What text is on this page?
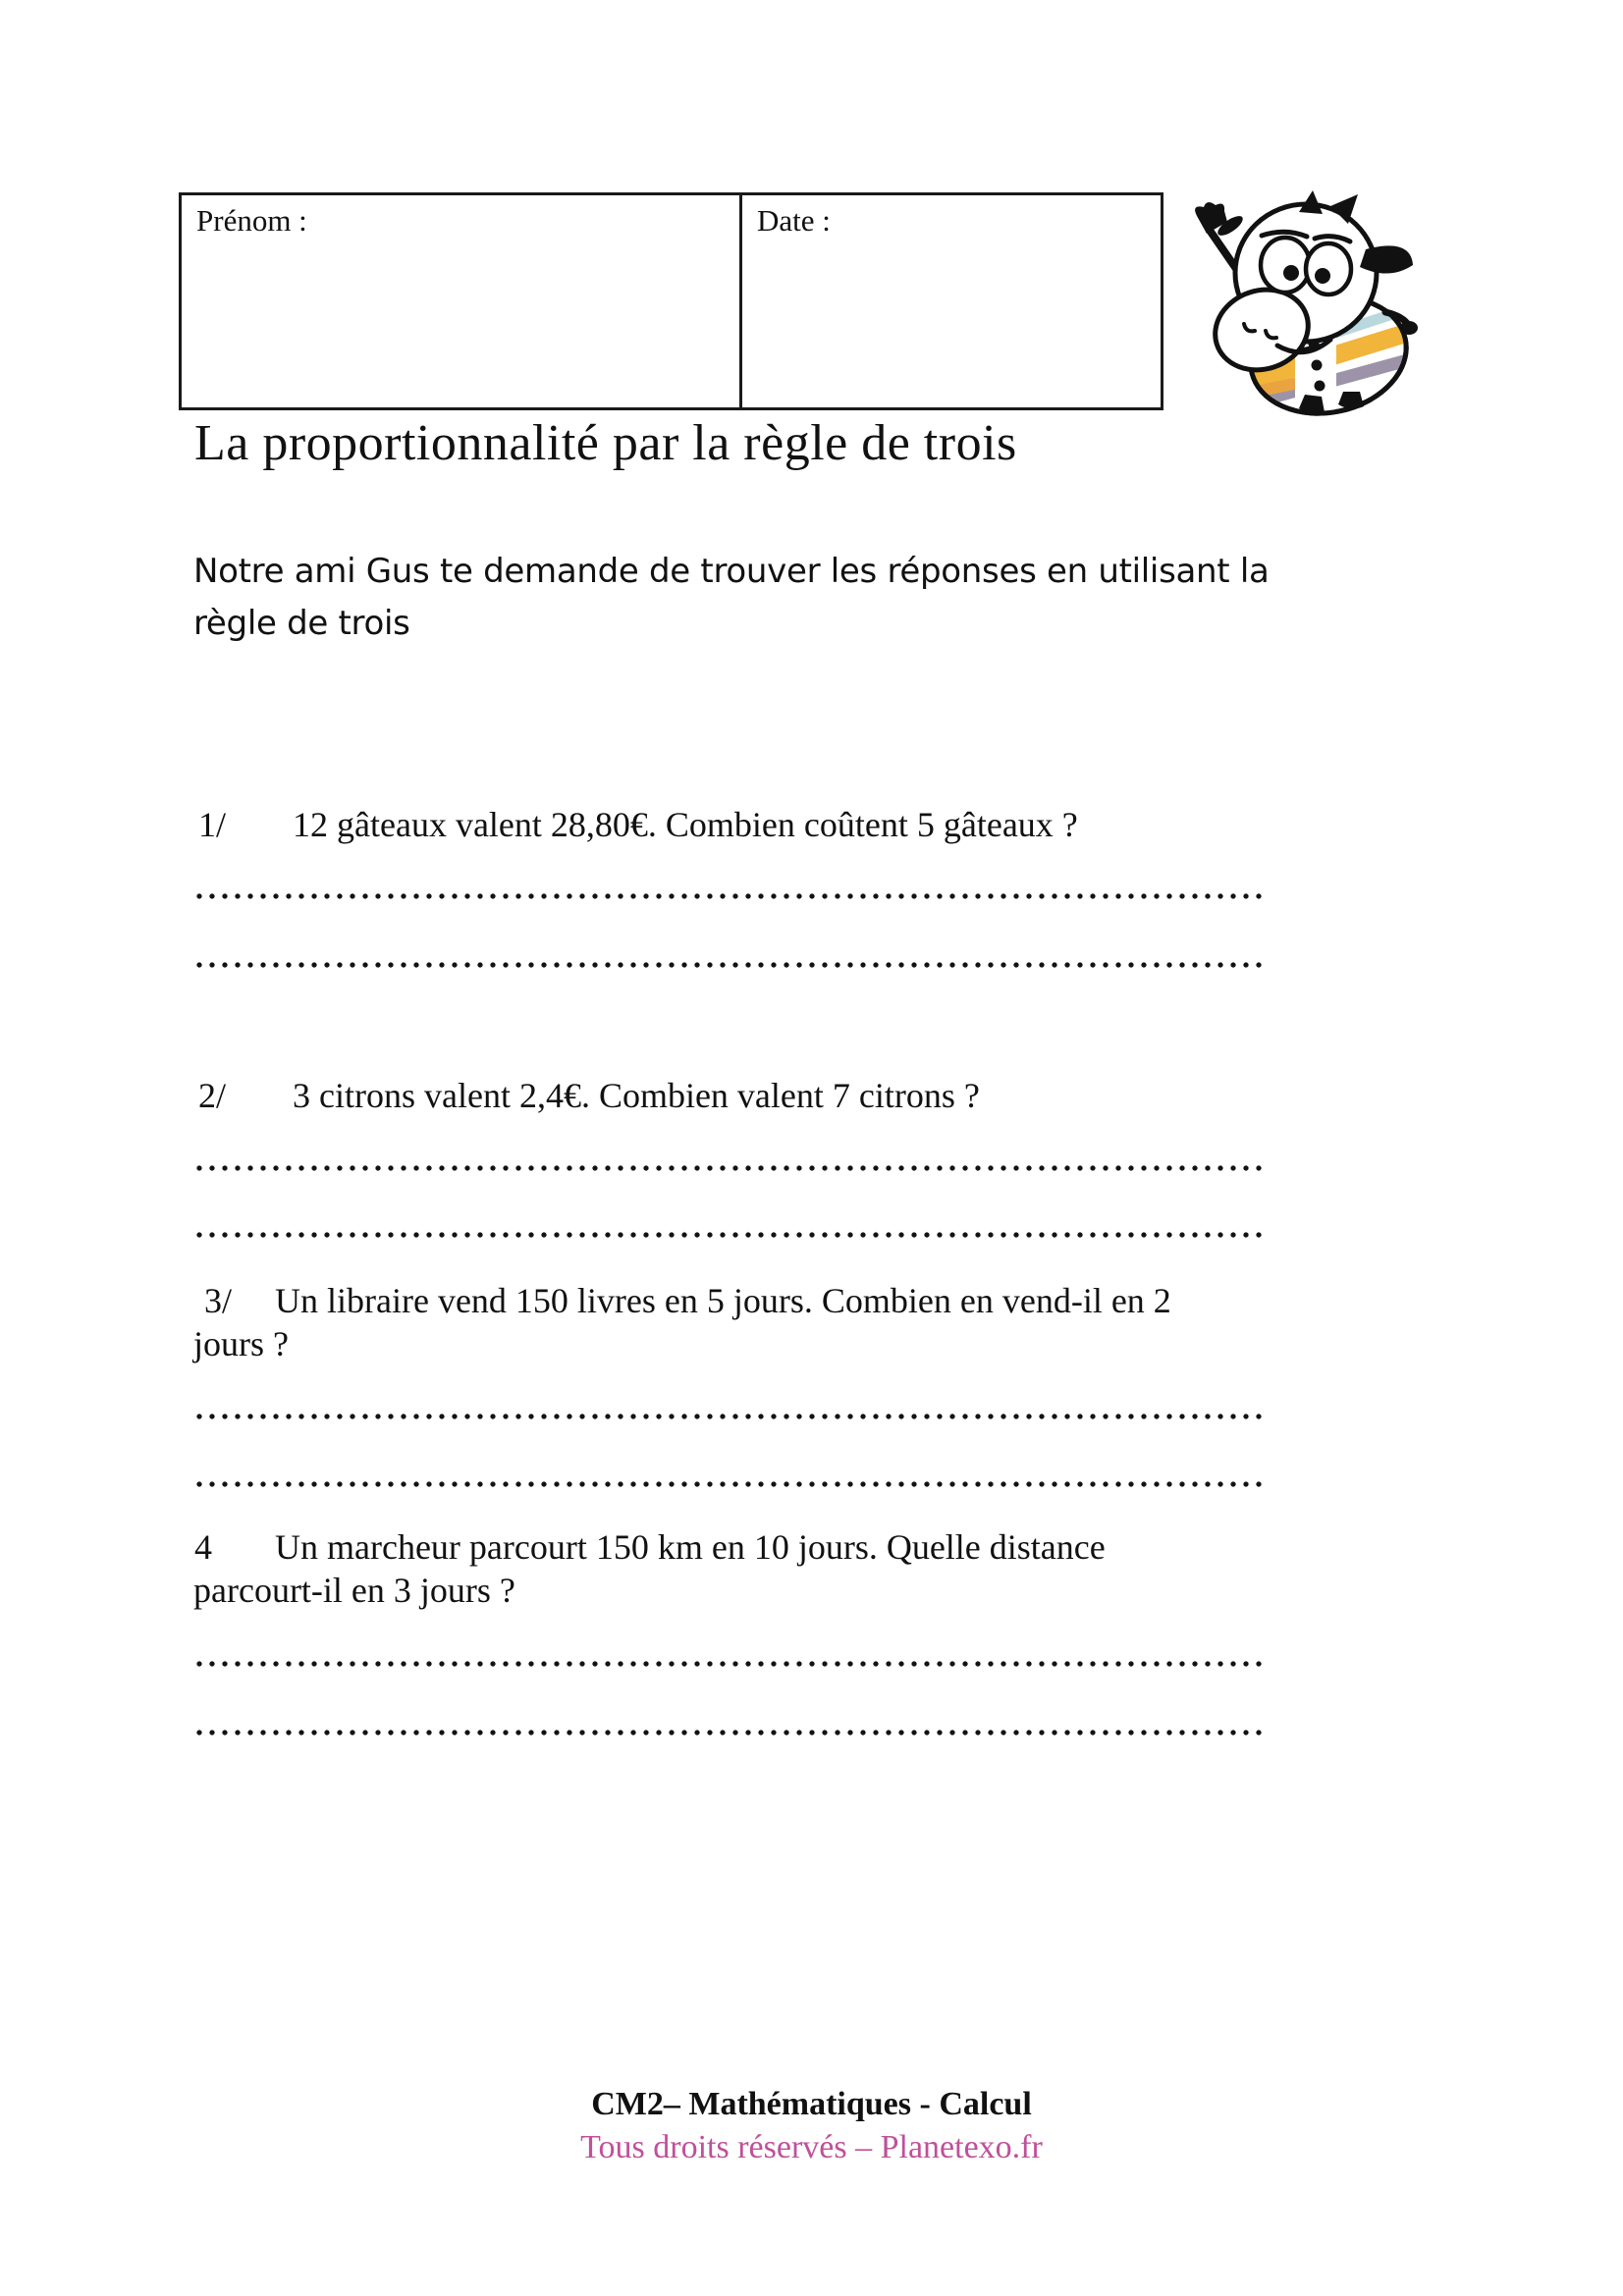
Prénom :	Date :
La proportionnalité par la règle de trois
Notre ami Gus te demande de trouver les réponses en utilisant la
règle de trois
1/ 12 gâteaux valent 28,80€. Combien coûtent 5 gâteaux ?
2/ 3 citrons valent 2,4€. Combien valent 7 citrons ?
3/ Un libraire vend 150 livres en 5 jours. Combien en vend-il en 2
jours ?
4 Un marcheur parcourt 150 km en 10 jours. Quelle distance
parcourt-il en 3 jours ?
CM2– Mathématiques - Calcul
Tous droits réservés – Planetexo.fr
